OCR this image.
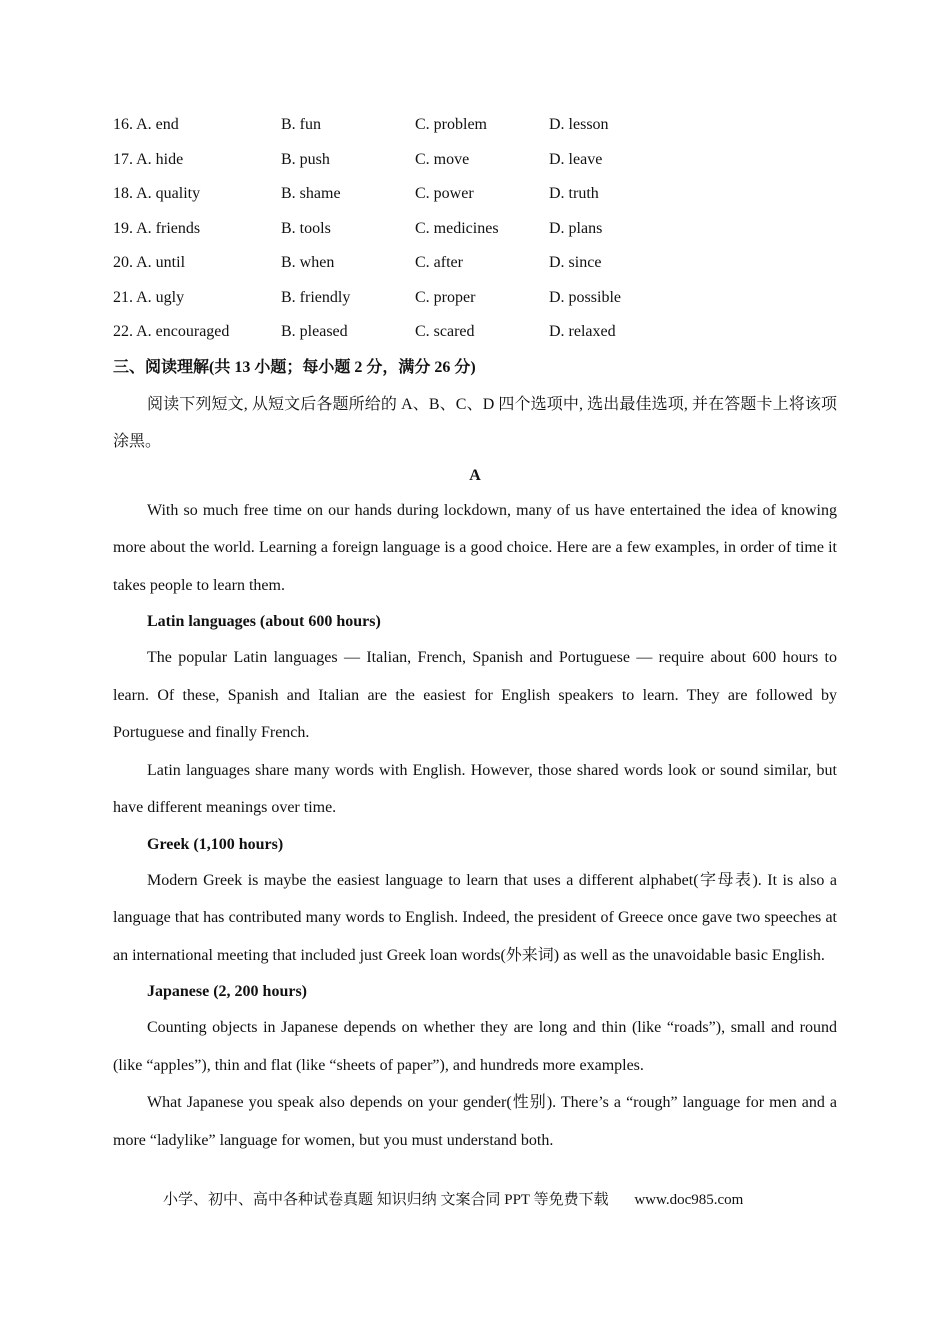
16. A. end	B. fun	C. problem	D. lesson
17. A. hide	B. push	C. move	D. leave
18. A. quality	B. shame	C. power	D. truth
19. A. friends	B. tools	C. medicines	D. plans
20. A. until	B. when	C. after	D. since
21. A. ugly	B. friendly	C. proper	D. possible
22. A. encouraged	B. pleased	C. scared	D. relaxed
三、阅读理解(共 13 小题；每小题 2 分，满分 26 分)
阅读下列短文, 从短文后各题所给的 A、B、C、D 四个选项中, 选出最佳选项, 并在答题卡上将该项涂黑。
A

With so much free time on our hands during lockdown, many of us have entertained the idea of knowing more about the world. Learning a foreign language is a good choice. Here are a few examples, in order of time it takes people to learn them.

Latin languages (about 600 hours)

The popular Latin languages — Italian, French, Spanish and Portuguese — require about 600 hours to learn. Of these, Spanish and Italian are the easiest for English speakers to learn. They are followed by Portuguese and finally French.

Latin languages share many words with English. However, those shared words look or sound similar, but have different meanings over time.

Greek (1,100 hours)

Modern Greek is maybe the easiest language to learn that uses a different alphabet(字母表). It is also a language that has contributed many words to English. Indeed, the president of Greece once gave two speeches at an international meeting that included just Greek loan words(外来词) as well as the unavoidable basic English.

Japanese (2, 200 hours)

Counting objects in Japanese depends on whether they are long and thin (like “roads”), small and round (like “apples”), thin and flat (like “sheets of paper”), and hundreds more examples.

What Japanese you speak also depends on your gender(性别). There’s a “rough” language for men and a more “ladylike” language for women, but you must understand both.

小学、初中、高中各种试卷真题 知识归纳 文案合同 PPT 等免费下载 www.doc985.com
